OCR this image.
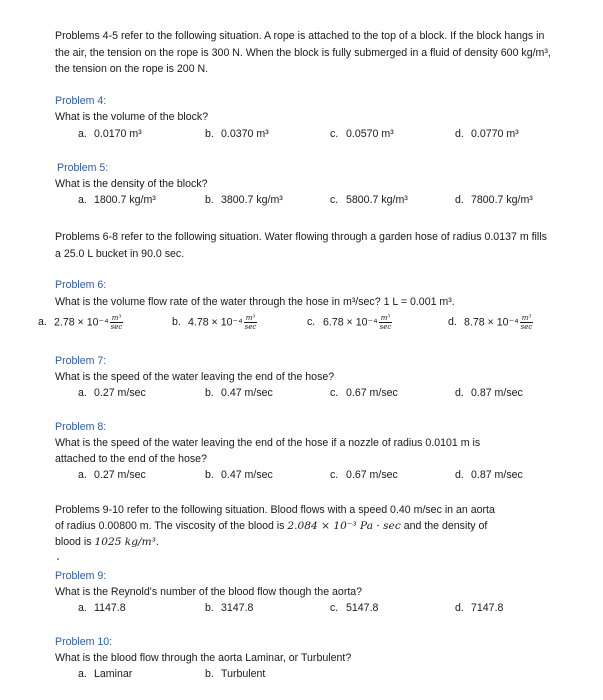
Problems 4-5 refer to the following situation. A rope is attached to the top of a block. If the block hangs in the air, the tension on the rope is 300 N. When the block is fully submerged in a fluid of density 600 kg/m³, the tension on the rope is 200 N.
Problem 4:
What is the volume of the block?
a. 0.0170 m³	b. 0.0370 m³	c. 0.0570 m³	d. 0.0770 m³
Problem 5:
What is the density of the block?
a. 1800.7 kg/m³	b. 3800.7 kg/m³	c. 5800.7 kg/m³	d. 7800.7 kg/m³
Problems 6-8 refer to the following situation. Water flowing through a garden hose of radius 0.0137 m fills a 25.0 L bucket in 90.0 sec.
Problem 6:
What is the volume flow rate of the water through the hose in m³/sec? 1 L = 0.001 m³.
a. $2.78 \times 10^{-4} \frac{\text{m³}}{\sec}$	b. $4.78 \times 10^{-4} \frac{\text{m³}}{\sec}$	c. $6.78 \times 10^{-4} \frac{\text{m³}}{\sec}$	d. $8.78 \times 10^{-4} \frac{\text{m³}}{\sec}$
Problem 7:
What is the speed of the water leaving the end of the hose?
a. 0.27 m/sec	b. 0.47 m/sec	c. 0.67 m/sec	d. 0.87 m/sec
Problem 8:
What is the speed of the water leaving the end of the hose if a nozzle of radius 0.0101 m is
attached to the end of the hose?
a. 0.27 m/sec	b. 0.47 m/sec	c. 0.67 m/sec	d. 0.87 m/sec
Problems 9-10 refer to the following situation. Blood flows with a speed 0.40 m/sec in an aorta
of radius 0.00800 m. The viscosity of the blood is 2.084 × 10⁻³ Pa · sec and the density of
blood is 1025 kg/m³.
Problem 9:
What is the Reynold's number of the blood flow though the aorta?
a. 1147.8	b. 3147.8	c. 5147.8	d. 7147.8
Problem 10:
What is the blood flow through the aorta Laminar, or Turbulent?
a. Laminar	b. Turbulent
